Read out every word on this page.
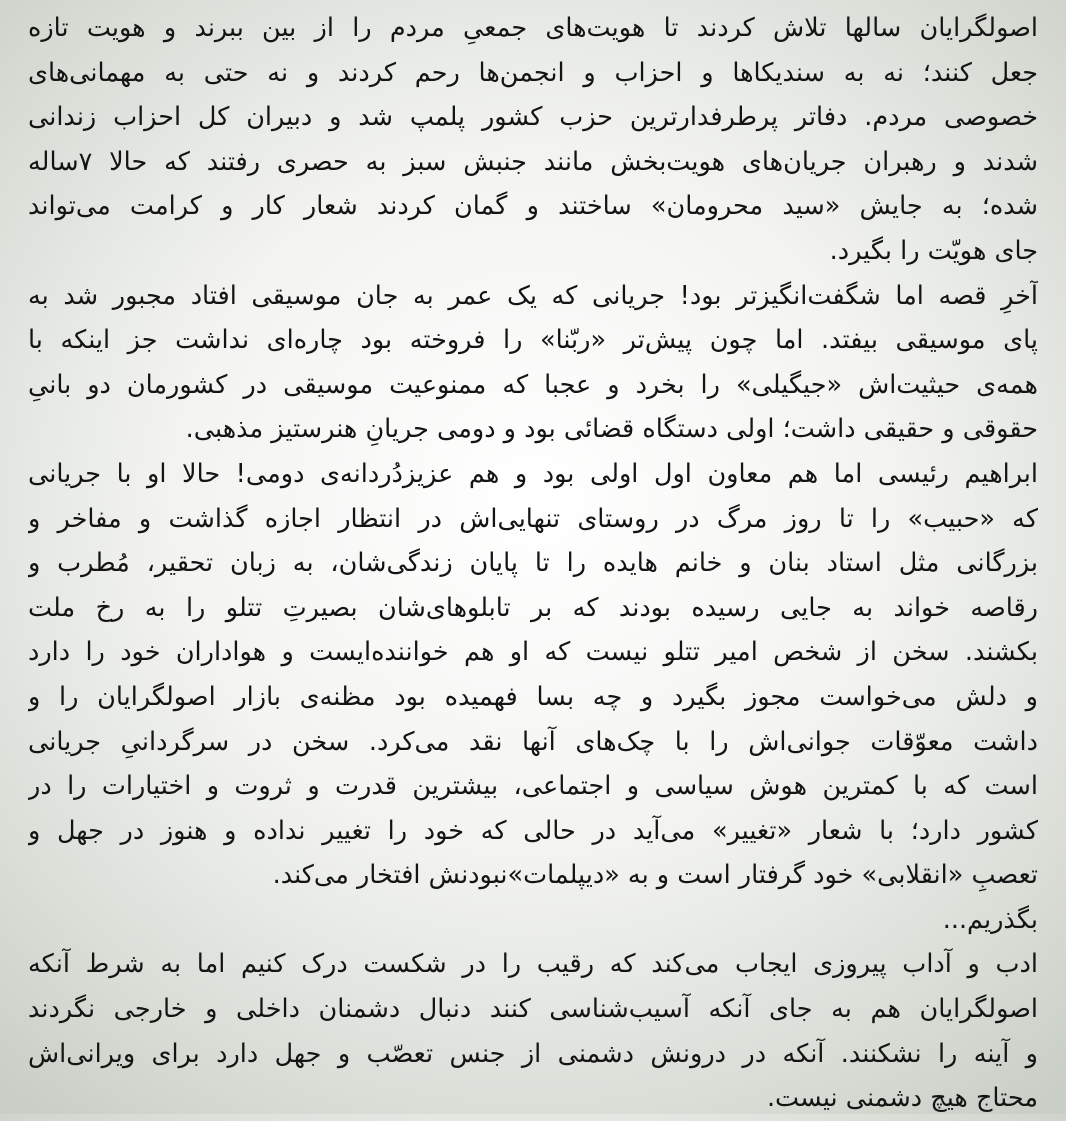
اصولگرایان سالها تلاش کردند تا هویت‌های جمعیِ مردم را از بین ببرند و هویت تازه
جعل کنند؛ نه به سندیکاها و احزاب و انجمن‌ها رحم کردند و نه حتی به مهمانی‌های
خصوصی مردم. دفاتر پرطرفدارترین حزب کشور پلمپ شد و دبیران کل احزاب زندانی
شدند و رهبران جریان‌های هویت‌بخش مانند جنبش سبز به حصری رفتند که حالا ۷ساله
شده؛ به جایش «سید محرومان» ساختند و گمان کردند شعار کار و کرامت می‌تواند
جای هویّت را بگیرد.
آخرِ قصه اما شگفت‌انگیزتر بود! جریانی که یک عمر به جان موسیقی افتاد مجبور شد به
پای موسیقی بیفتد. اما چون پیش‌تر «ربّنا» را فروخته بود چاره‌ای نداشت جز اینکه با
همه‌ی حیثیت‌اش «جیگیلی» را بخرد و عجبا که ممنوعیت موسیقی در کشورمان دو بانیِ
حقوقی و حقیقی داشت؛ اولی دستگاه قضائی بود و دومی جریانِ هنرستیز مذهبی.
ابراهیم رئیسی اما هم معاون اول اولی بود و هم عزیزدُردانه‌ی دومی! حالا او با جریانی
که «حبیب» را تا روز مرگ در روستای تنهایی‌اش در انتظار اجازه گذاشت و مفاخر و
بزرگانی مثل استاد بنان و خانم هایده را تا پایان زندگی‌شان، به زبان تحقیر، مُطرب و
رقاصه خواند به جایی رسیده بودند که بر تابلوهای‌شان بصیرتِ تتلو را به رخ ملت
بکشند. سخن از شخص امیر تتلو نیست که او هم خواننده‌ایست و هواداران خود را دارد
و دلش می‌خواست مجوز بگیرد و چه بسا فهمیده بود مظنه‌ی بازار اصولگرایان را و
داشت معوّقات جوانی‌اش را با چک‌های آنها نقد می‌کرد. سخن در سرگردانیِ جریانی
است که با کمترین هوش سیاسی و اجتماعی، بیشترین قدرت و ثروت و اختیارات را در
کشور دارد؛ با شعار «تغییر» می‌آید در حالی که خود را تغییر نداده و هنوز در جهل و
تعصبِ «انقلابی» خود گرفتار است و به «دیپلمات»نبودنش افتخار می‌کند.
بگذریم...
ادب و آداب پیروزی ایجاب می‌کند که رقیب را در شکست درک کنیم اما به شرط آنکه
اصولگرایان هم به جای آنکه آسیب‌شناسی کنند دنبال دشمنان داخلی و خارجی نگردند
و آینه را نشکنند. آنکه در درونش دشمنی از جنس تعصّب و جهل دارد برای ویرانی‌اش
محتاج هیچ دشمنی نیست.
